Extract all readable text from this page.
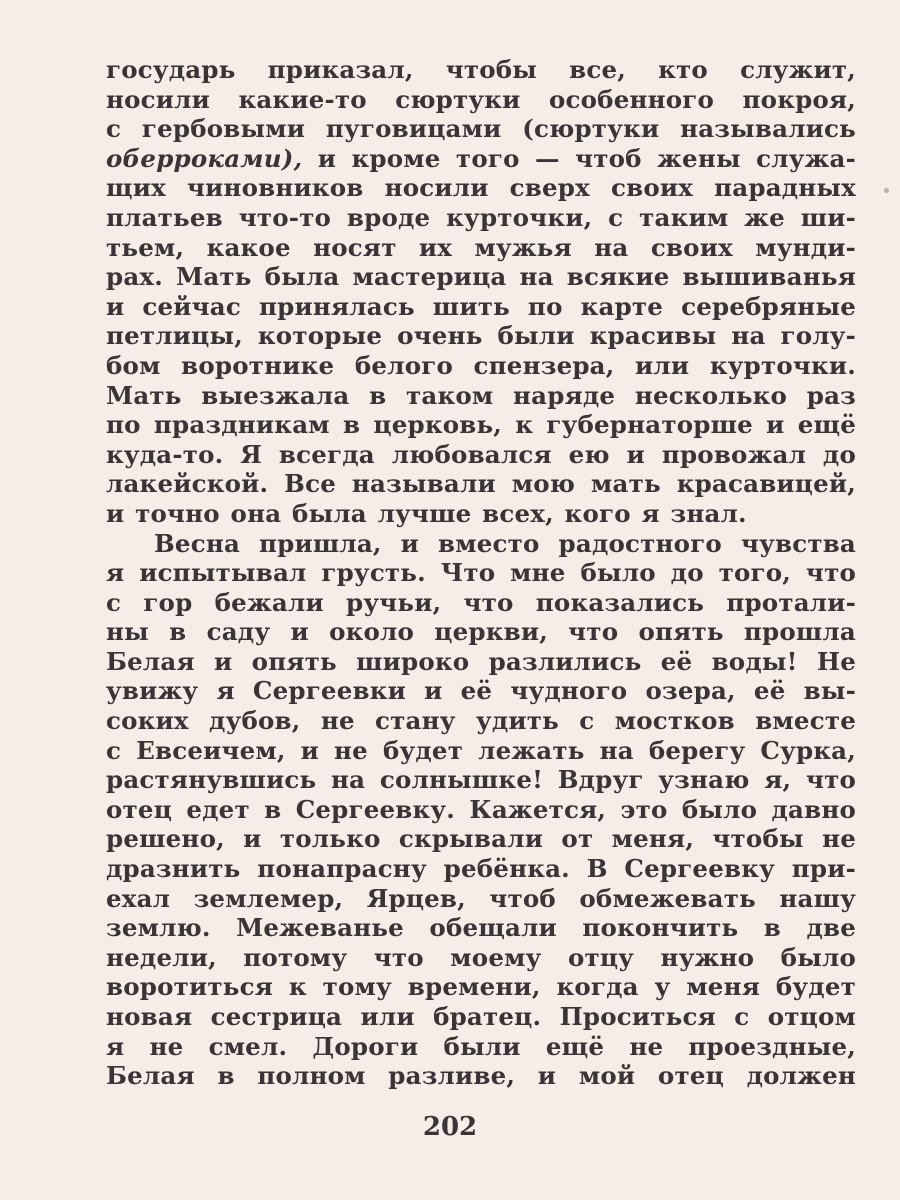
государь приказал, чтобы все, кто служит,
носили какие-то сюртуки особенного покроя,
с гербовыми пуговицами (сюртуки назывались
оберроками), и кроме того — чтоб жены служа-
щих чиновников носили сверх своих парадных
платьев что-то вроде курточки, с таким же ши-
тьем, какое носят их мужья на своих мунди-
рах. Мать была мастерица на всякие вышиванья
и сейчас принялась шить по карте серебряные
петлицы, которые очень были красивы на голу-
бом воротнике белого спензера, или курточки.
Мать выезжала в таком наряде несколько раз
по праздникам в церковь, к губернаторше и ещё
куда-то. Я всегда любовался ею и провожал до
лакейской. Все называли мою мать красавицей,
и точно она была лучше всех, кого я знал.
Весна пришла, и вместо радостного чувства
я испытывал грусть. Что мне было до того, что
с гор бежали ручьи, что показались протали-
ны в саду и около церкви, что опять прошла
Белая и опять широко разлились её воды! Не
увижу я Сергеевки и её чудного озера, её вы-
соких дубов, не стану удить с мостков вместе
с Евсеичем, и не будет лежать на берегу Сурка,
растянувшись на солнышке! Вдруг узнаю я, что
отец едет в Сергеевку. Кажется, это было давно
решено, и только скрывали от меня, чтобы не
дразнить понапрасну ребёнка. В Сергеевку при-
ехал землемер, Ярцев, чтоб обмежевать нашу
землю. Межеванье обещали покончить в две
недели, потому что моему отцу нужно было
воротиться к тому времени, когда у меня будет
новая сестрица или братец. Проситься с отцом
я не смел. Дороги были ещё не проездные,
Белая в полном разливе, и мой отец должен
202
